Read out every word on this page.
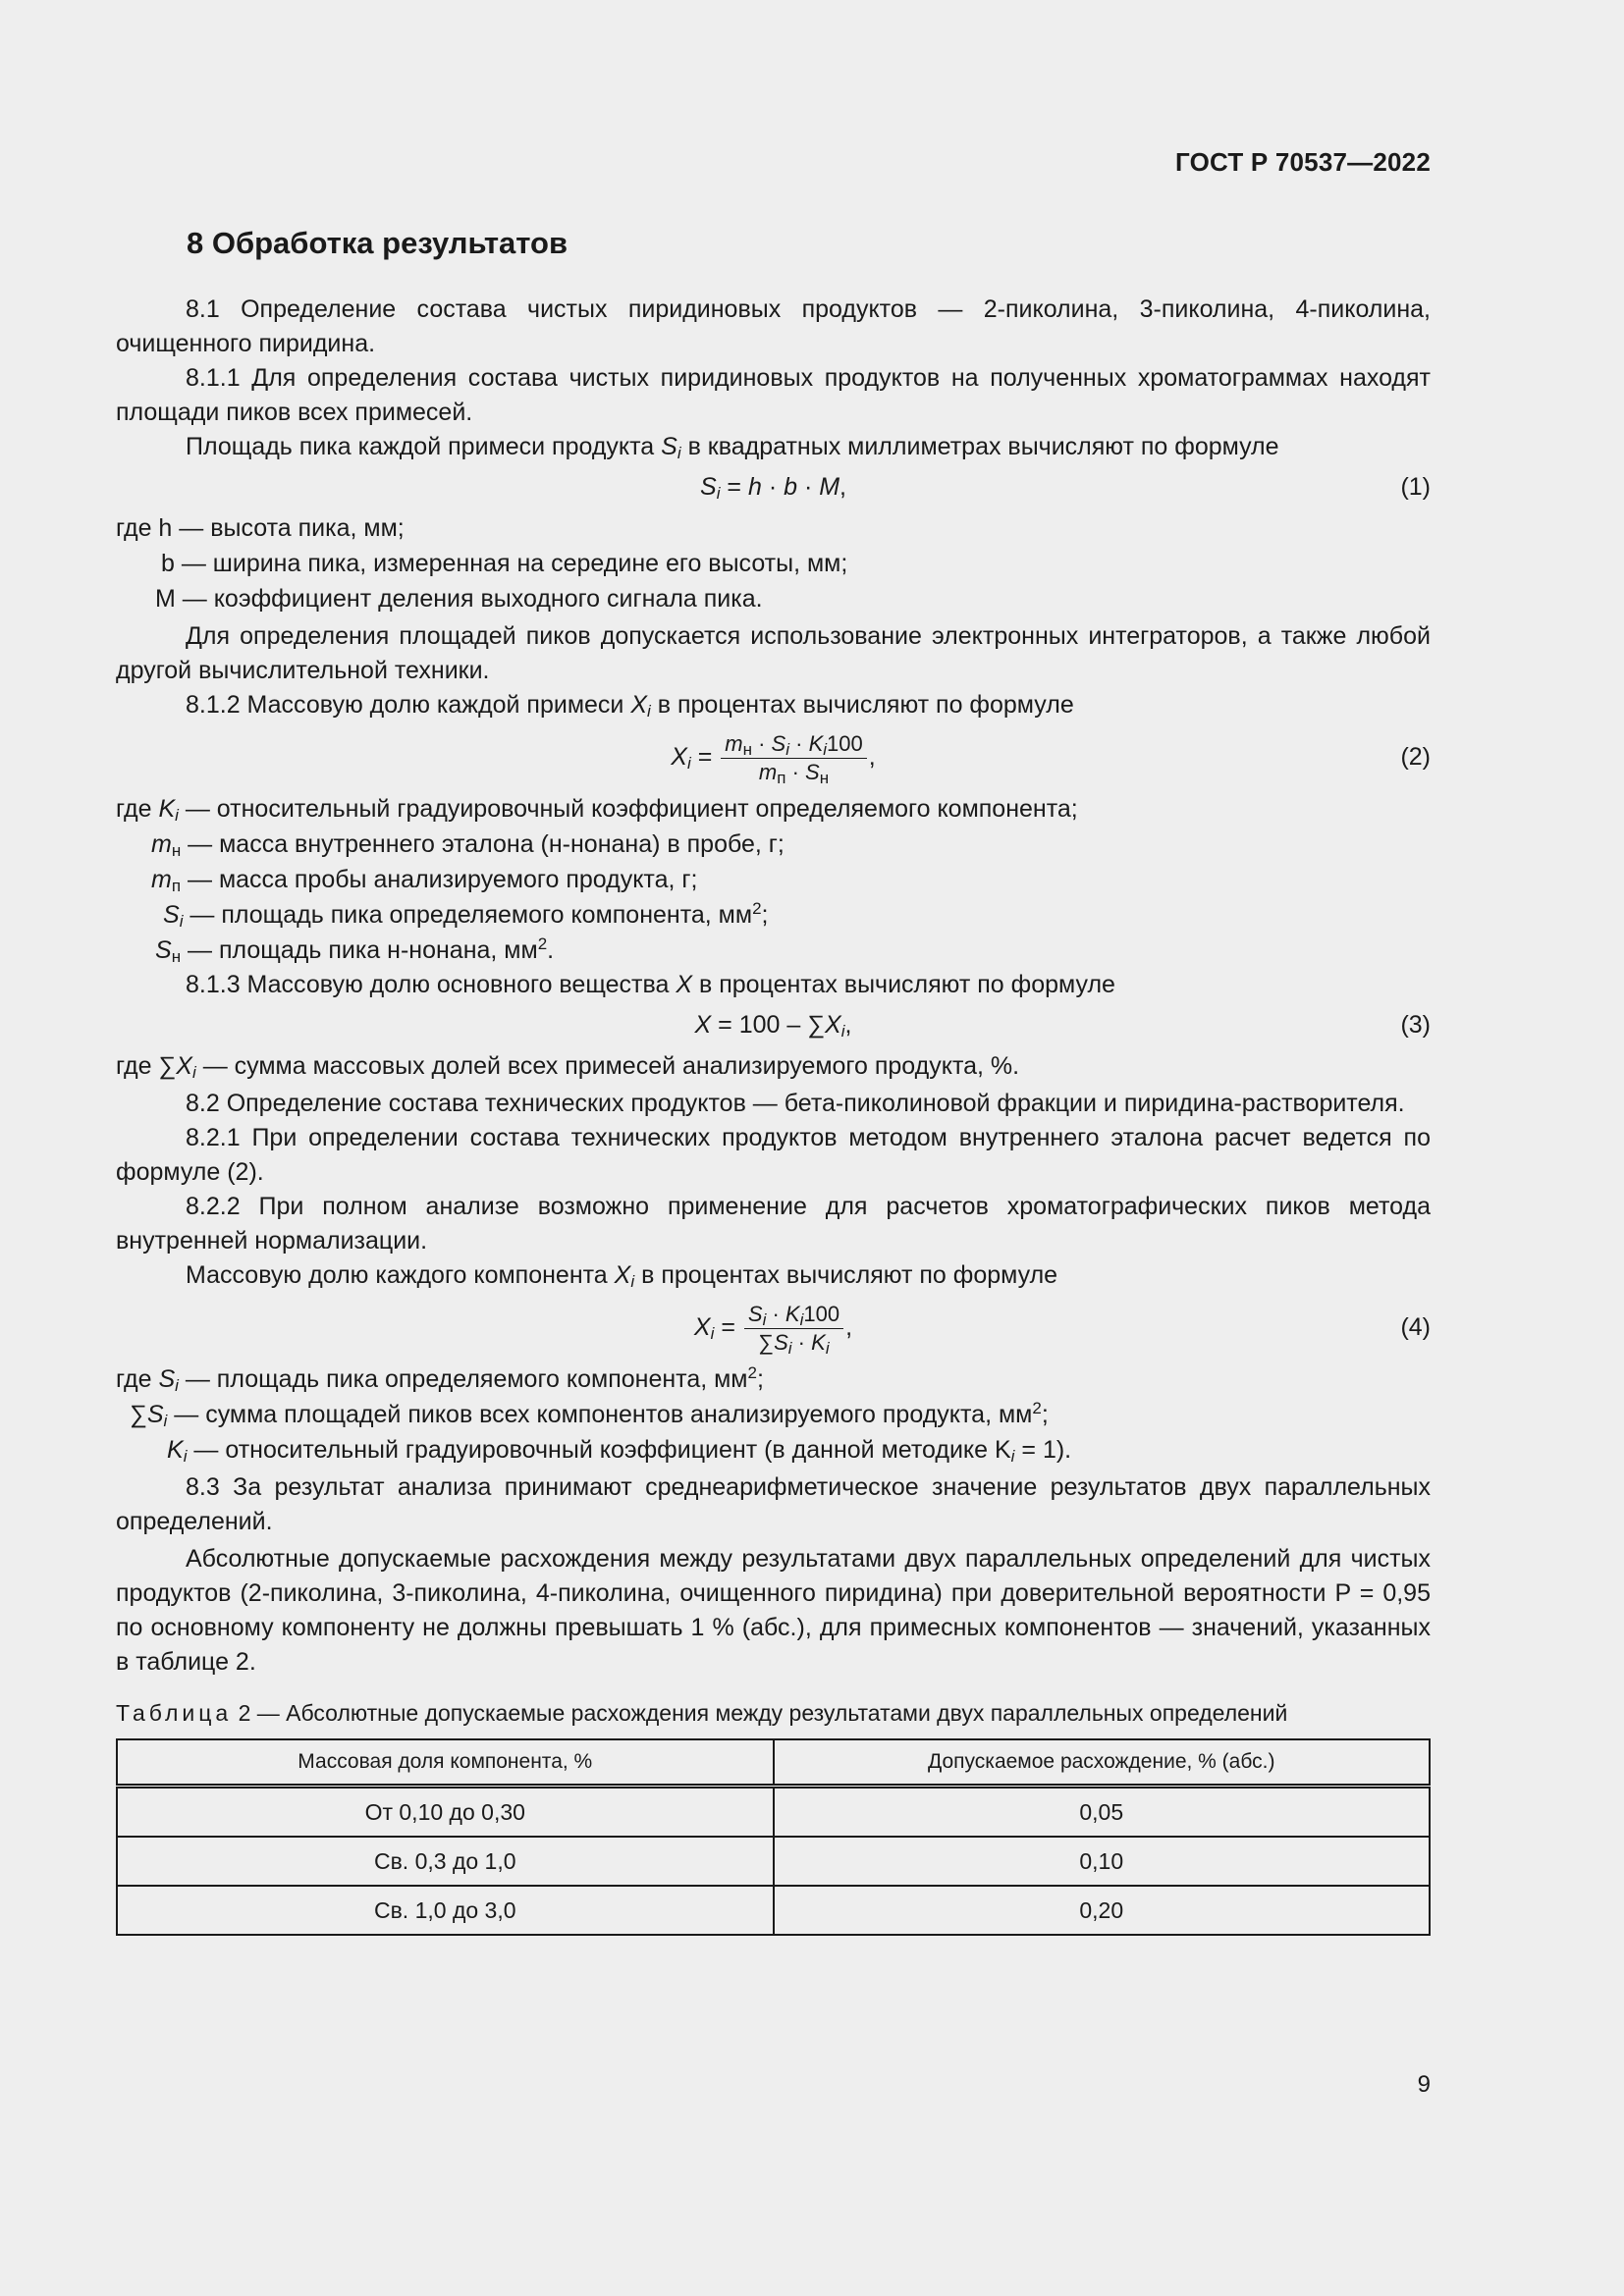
ГОСТ Р 70537—2022
8 Обработка результатов

8.1 Определение состава чистых пиридиновых продуктов — 2-пиколина, 3-пиколина, 4-пиколина, очищенного пиридина.

8.1.1 Для определения состава чистых пиридиновых продуктов на полученных хроматограммах находят площади пиков всех примесей.

Площадь пика каждой примеси продукта $S_i$ в квадратных миллиметрах вычисляют по формуле

$S_i = h \cdot b \cdot M$,	(1)
где h — высота пика, мм;
b — ширина пика, измеренная на середине его высоты, мм;
M — коэффициент деления выходного сигнала пика.

Для определения площадей пиков допускается использование электронных интеграторов, а также любой другой вычислительной техники.

8.1.2 Массовую долю каждой примеси $X_i$ в процентах вычисляют по формуле

$X_i = \frac{m_н \cdot S_i \cdot K_i100}{m_п \cdot S_н}$ ,	(2)
где $K_i$ — относительный градуировочный коэффициент определяемого компонента;
$m_н$ — масса внутреннего эталона (н-нонана) в пробе, г;
$m_п$ — масса пробы анализируемого продукта, г;
$S_i$ — площадь пика определяемого компонента, $мм^2$;
$S_н$ — площадь пика н-нонана, $мм^2$.

8.1.3 Массовую долю основного вещества X в процентах вычисляют по формуле

$X = 100 - \sum X_i$,	(3)
где $\sum X_i$ — сумма массовых долей всех примесей анализируемого продукта, %.

8.2 Определение состава технических продуктов — бета-пиколиновой фракции и пиридина-растворителя.

8.2.1 При определении состава технических продуктов методом внутреннего эталона расчет ведется по формуле (2).

8.2.2 При полном анализе возможно применение для расчетов хроматографических пиков метода внутренней нормализации.

Массовую долю каждого компонента $X_i$ в процентах вычисляют по формуле

$X_i = \frac{S_i \cdot K_i100}{\sum S_i \cdot K_i}$ ,	(4)
где $S_i$ — площадь пика определяемого компонента, $мм^2$;
$\sum S_i$ — сумма площадей пиков всех компонентов анализируемого продукта, $мм^2$;
$K_i$ — относительный градуировочный коэффициент (в данной методике $K_i = 1$).

8.3 За результат анализа принимают среднеарифметическое значение результатов двух параллельных определений.

Абсолютные допускаемые расхождения между результатами двух параллельных определений для чистых продуктов (2-пиколина, 3-пиколина, 4-пиколина, очищенного пиридина) при доверительной вероятности P = 0,95 по основному компоненту не должны превышать 1 % (абс.), для примесных компонентов — значений, указанных в таблице 2.

Таблица 2 — Абсолютные допускаемые расхождения между результатами двух параллельных определений
Массовая доля компонента, %	Допускаемое расхождение, % (абс.)
От 0,10 до 0,30	0,05
Св. 0,3 до 1,0	0,10
Св. 1,0 до 3,0	0,20
9
